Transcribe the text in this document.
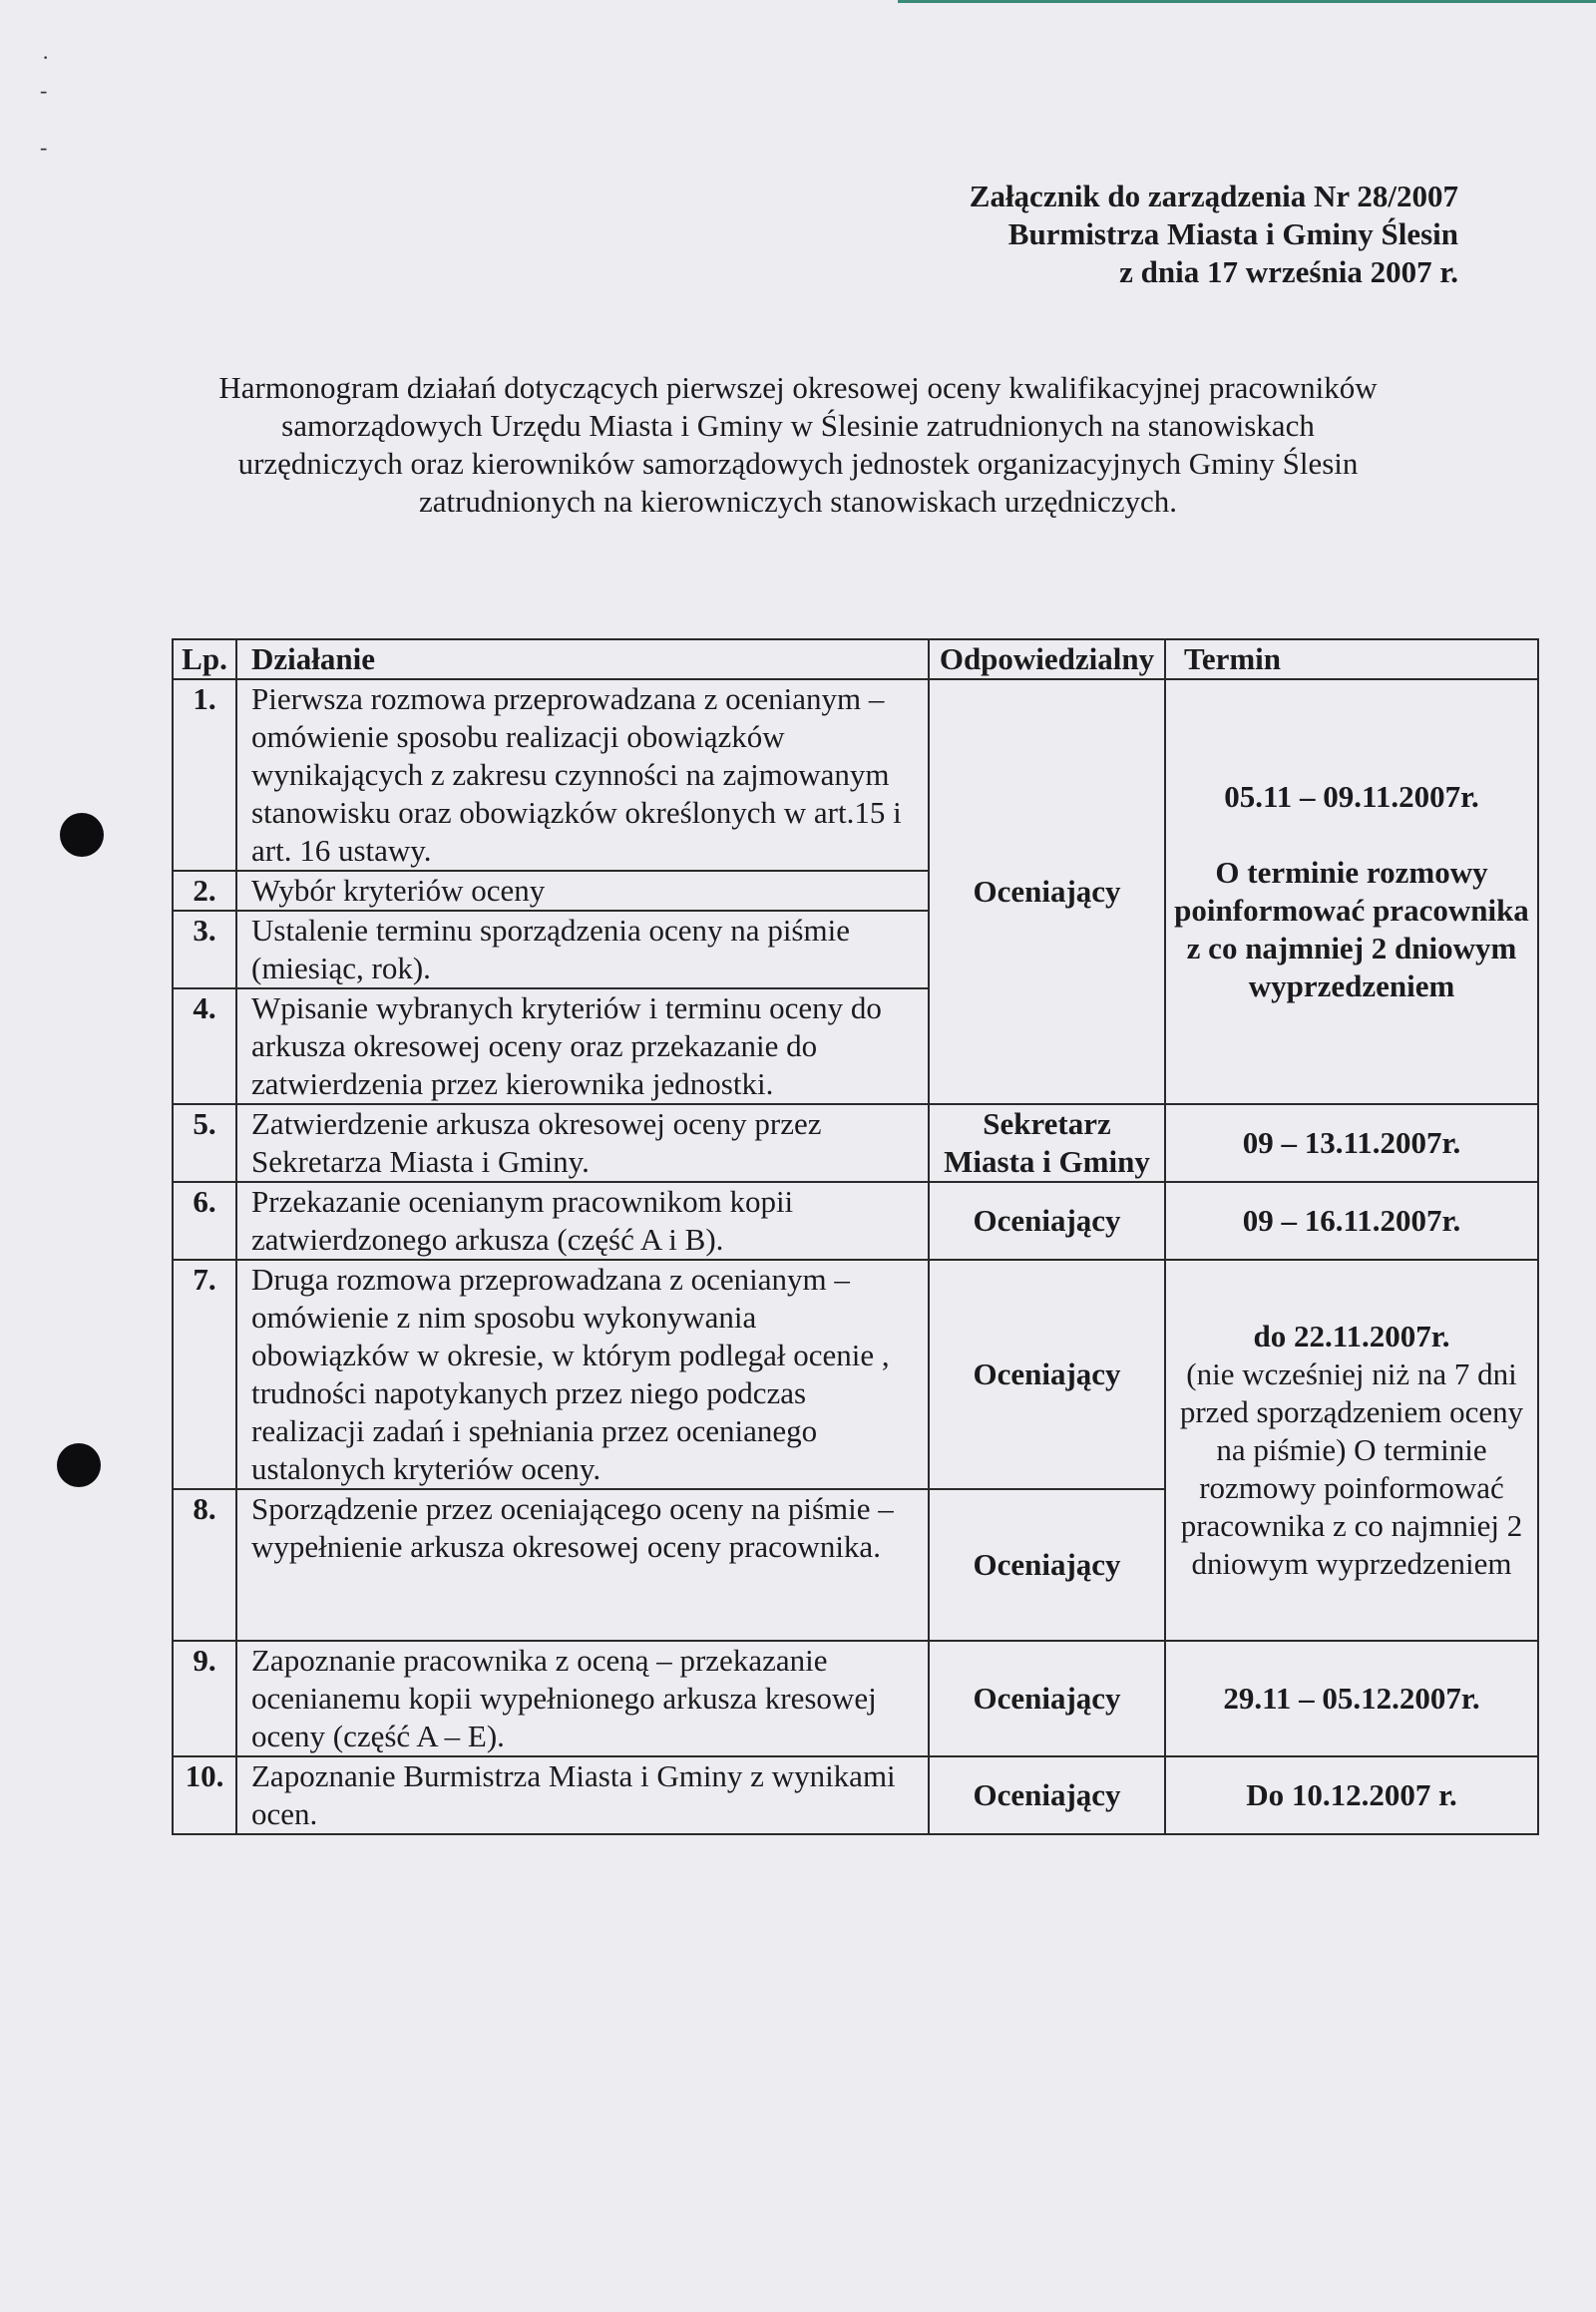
·
-
-
Załącznik do zarządzenia Nr 28/2007
Burmistrza Miasta i Gminy Ślesin
z dnia 17 września 2007 r.
Harmonogram działań dotyczących pierwszej okresowej oceny kwalifikacyjnej pracowników
samorządowych Urzędu Miasta i Gminy w Ślesinie zatrudnionych na stanowiskach
urzędniczych oraz kierowników samorządowych jednostek organizacyjnych Gminy Ślesin
zatrudnionych na kierowniczych stanowiskach urzędniczych.
Lp.	Działanie	Odpowiedzialny	Termin
1.	Pierwsza rozmowa przeprowadzana z ocenianym – omówienie sposobu realizacji obowiązków wynikających z zakresu czynności na zajmowanym stanowisku oraz obowiązków określonych w art.15 i art. 16 ustawy.	Oceniający	05.11 – 09.11.2007r.
O terminie rozmowy poinformować pracownika z co najmniej 2 dniowym wyprzedzeniem
2.	Wybór kryteriów oceny		
3.	Ustalenie terminu sporządzenia oceny na piśmie (miesiąc, rok).		
4.	Wpisanie wybranych kryteriów i terminu oceny do arkusza okresowej oceny oraz przekazanie do zatwierdzenia przez kierownika jednostki.		
5.	Zatwierdzenie arkusza okresowej oceny przez Sekretarza Miasta i Gminy.	Sekretarz Miasta i Gminy	09 – 13.11.2007r.
6.	Przekazanie ocenianym pracownikom kopii zatwierdzonego arkusza (część A i B).	Oceniający	09 – 16.11.2007r.
7.	Druga rozmowa przeprowadzana z ocenianym – omówienie z nim sposobu wykonywania obowiązków w okresie, w którym podlegał ocenie , trudności napotykanych przez niego podczas realizacji zadań i spełniania przez ocenianego ustalonych kryteriów oceny.	Oceniający	do 22.11.2007r.
(nie wcześniej niż na 7 dni przed sporządzeniem oceny na piśmie) O terminie rozmowy poinformować pracownika z co najmniej 2 dniowym wyprzedzeniem
8.	Sporządzenie przez oceniającego oceny na piśmie – wypełnienie arkusza okresowej oceny pracownika.	Oceniający	
9.	Zapoznanie pracownika z oceną – przekazanie ocenianemu kopii wypełnionego arkusza kresowej oceny (część A – E).	Oceniający	29.11 – 05.12.2007r.
10.	Zapoznanie Burmistrza Miasta i Gminy z wynikami ocen.	Oceniający	Do 10.12.2007 r.
